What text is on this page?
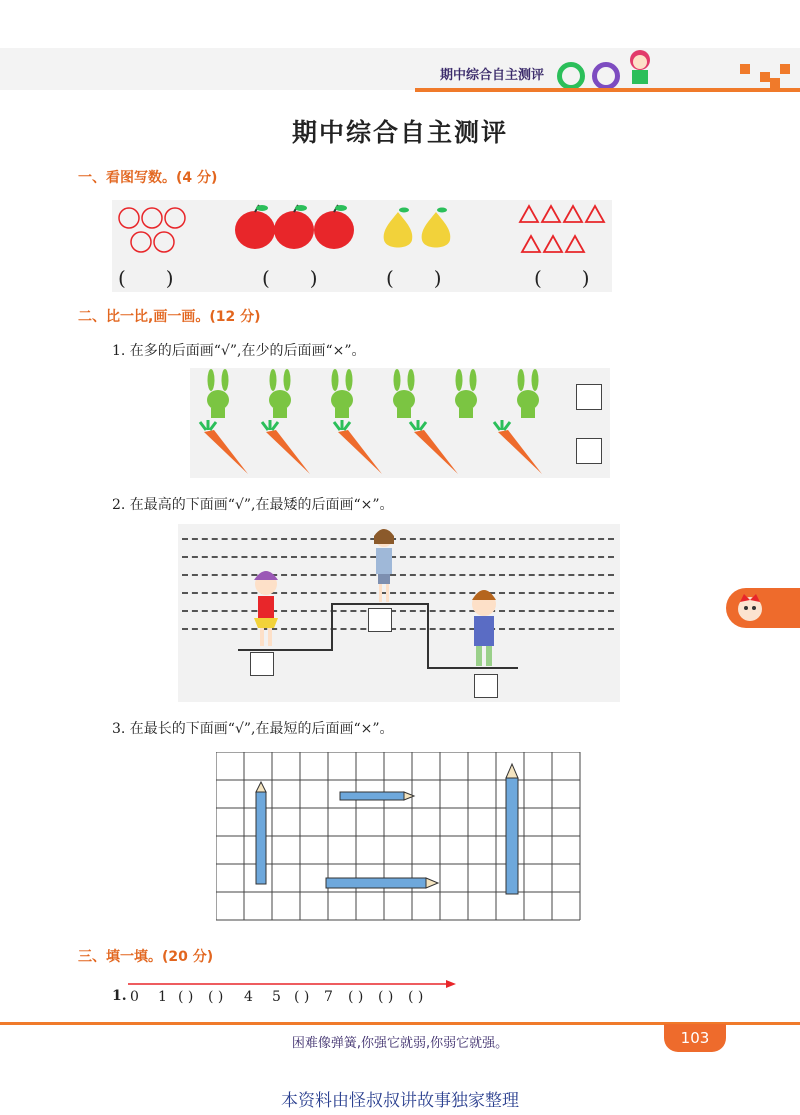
期中综合自主测评
期中综合自主测评
一、看图写数。(4 分)
(　　)	(　　)	(　　)	(　　)
二、比一比,画一画。(12 分)
1. 在多的后面画“√”,在少的后面画“×”。
2. 在最高的下面画“√”,在最矮的后面画“×”。
3. 在最长的下面画“√”,在最短的后面画“×”。
三、填一填。(20 分)
1. 0 1 ( ) ( ) 4 5 ( ) 7 ( ) ( ) ( )
困难像弹簧,你强它就弱,你弱它就强。	103
本资料由怪叔叔讲故事独家整理
